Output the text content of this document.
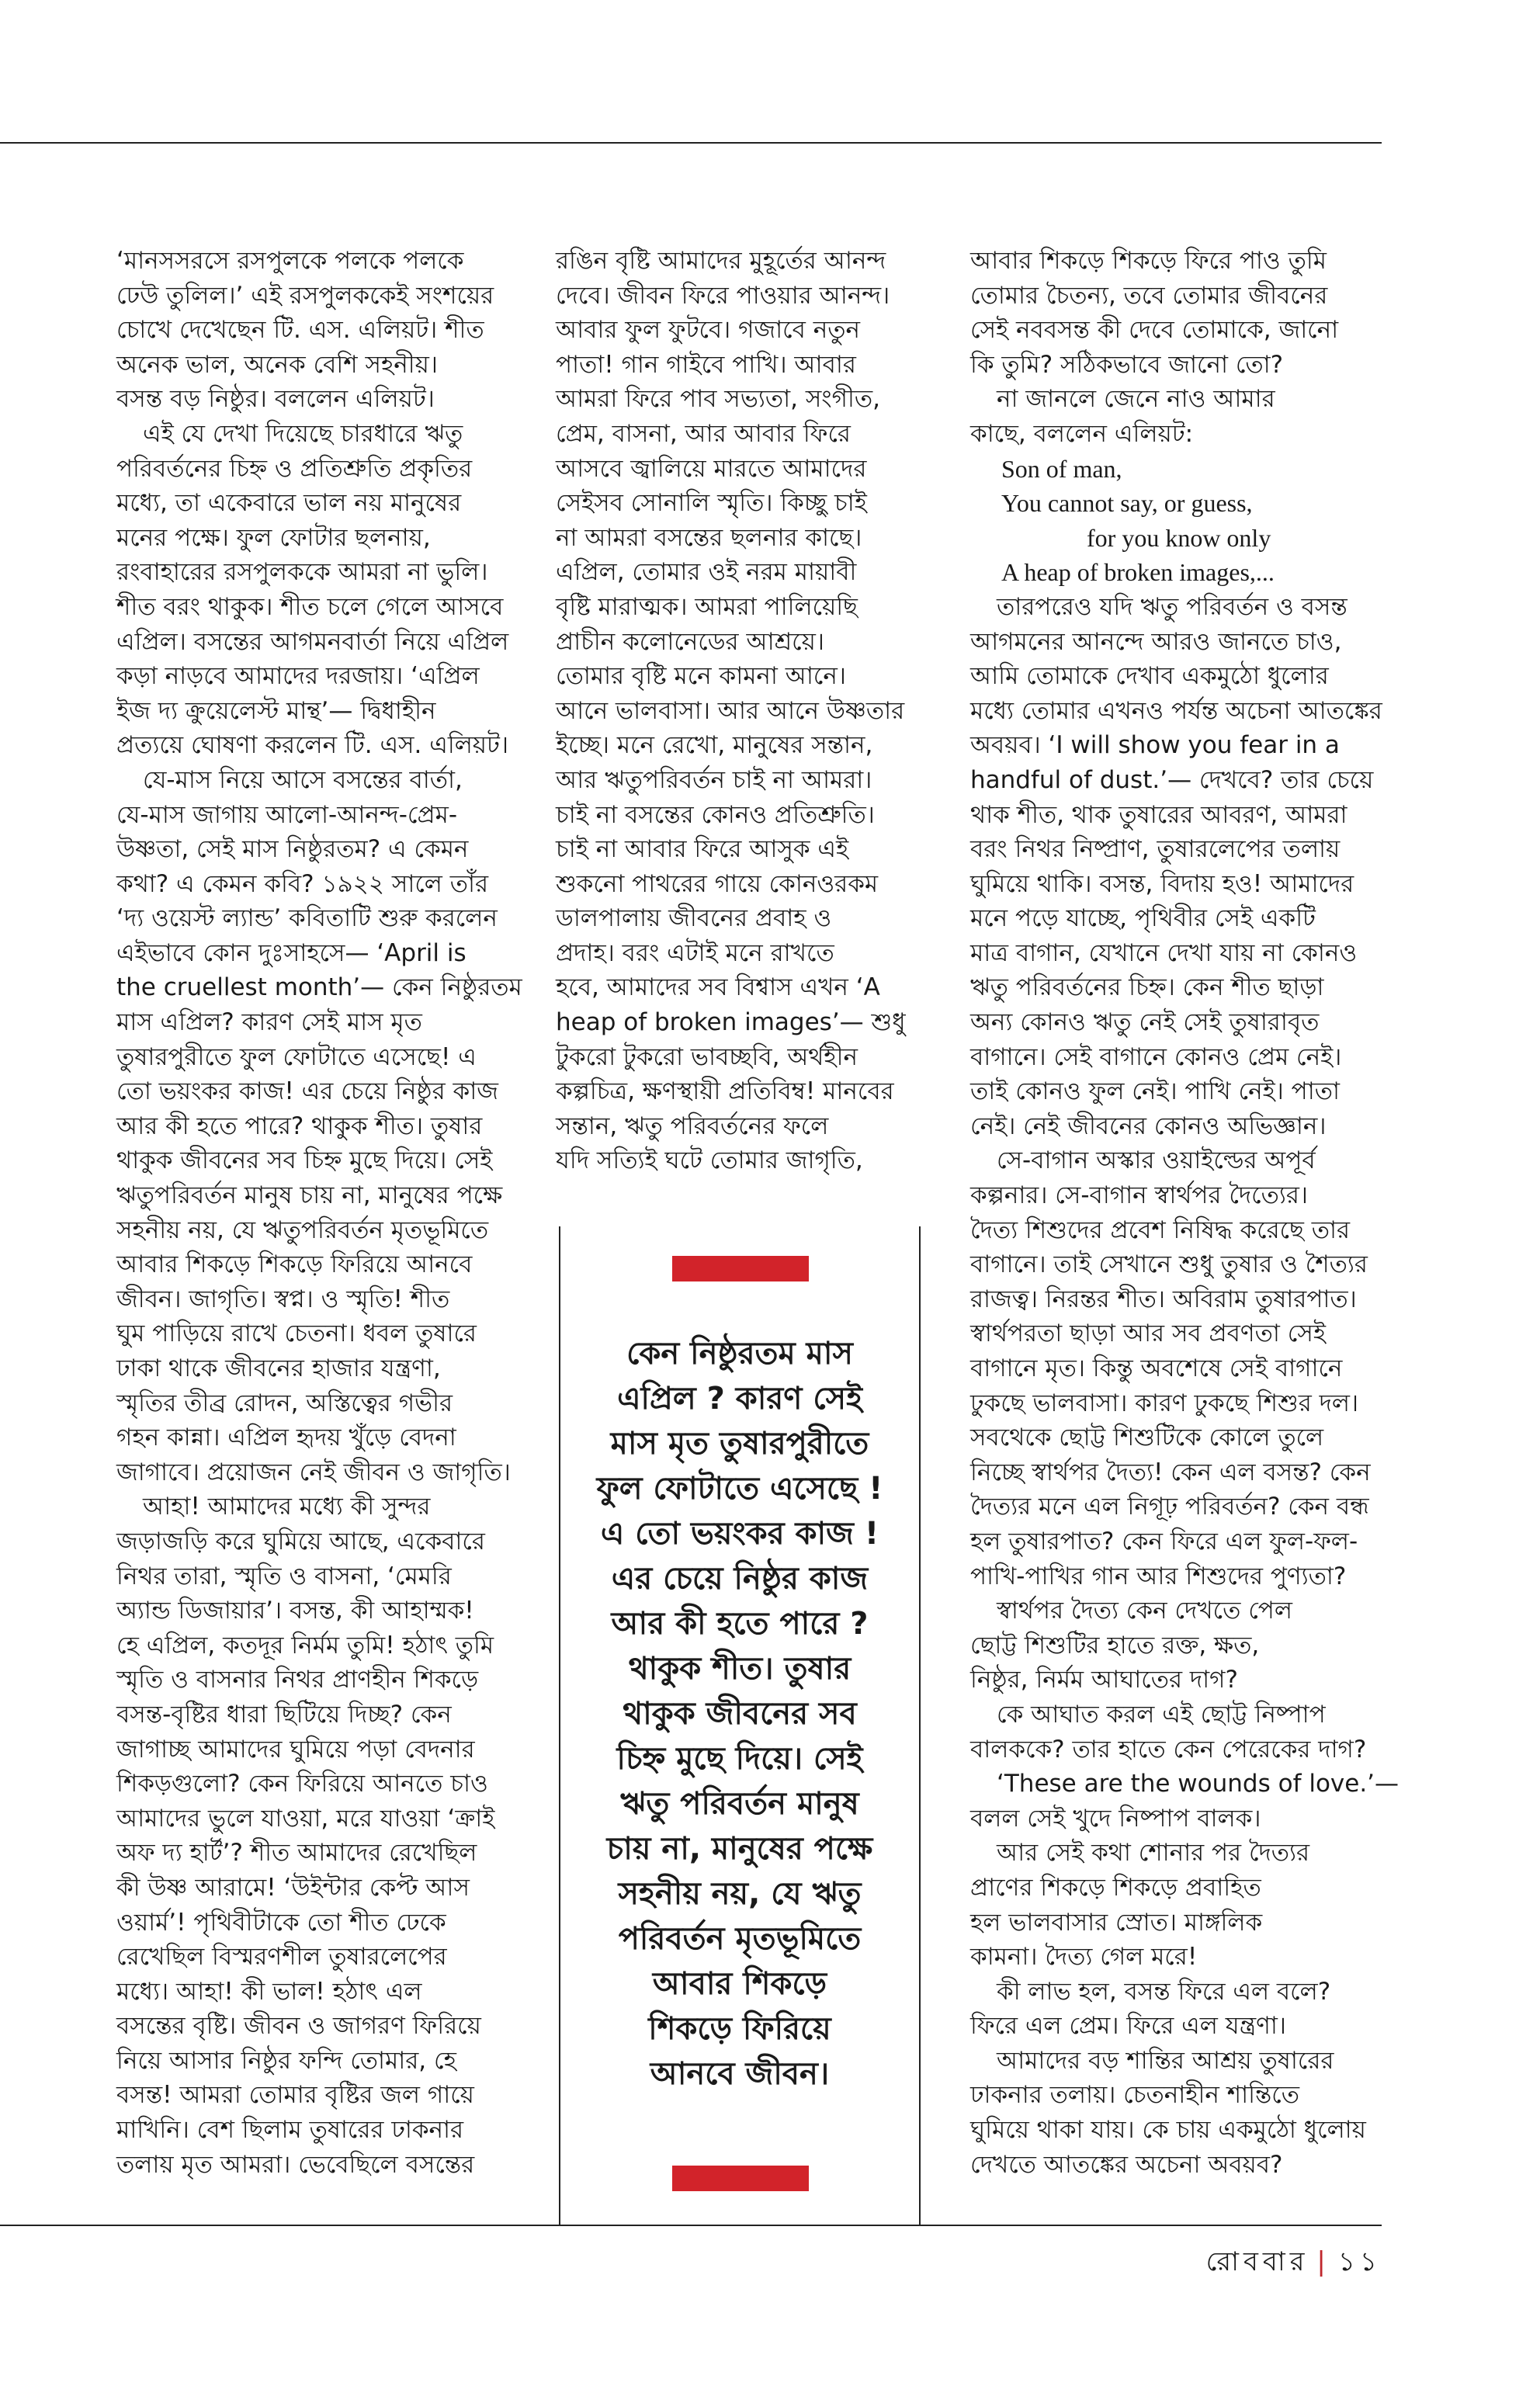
‘মানসসরসে রসপুলকে পলকে পলকে
ঢেউ তুলিল।’ এই রসপুলককেই সংশয়ের
চোখে দেখেছেন টি. এস. এলিয়ট। শীত
অনেক ভাল, অনেক বেশি সহনীয়।
বসন্ত বড় নিষ্ঠুর। বললেন এলিয়ট।
এই যে দেখা দিয়েছে চারধারে ঋতু
পরিবর্তনের চিহ্ন ও প্রতিশ্রুতি প্রকৃতির
মধ্যে, তা একেবারে ভাল নয় মানুষের
মনের পক্ষে। ফুল ফোটার ছলনায়,
রংবাহারের রসপুলককে আমরা না ভুলি।
শীত বরং থাকুক। শীত চলে গেলে আসবে
এপ্রিল। বসন্তের আগমনবার্তা নিয়ে এপ্রিল
কড়া নাড়বে আমাদের দরজায়। ‘এপ্রিল
ইজ দ্য ক্রুয়েলেস্ট মান্থ’— দ্বিধাহীন
প্রত্যয়ে ঘোষণা করলেন টি. এস. এলিয়ট।
যে-মাস নিয়ে আসে বসন্তের বার্তা,
যে-মাস জাগায় আলো-আনন্দ-প্রেম-
উষ্ণতা, সেই মাস নিষ্ঠুরতম? এ কেমন
কথা? এ কেমন কবি? ১৯২২ সালে তাঁর
‘দ্য ওয়েস্ট ল্যান্ড’ কবিতাটি শুরু করলেন
এইভাবে কোন দুঃসাহসে— ‘April is
the cruellest month’— কেন নিষ্ঠুরতম
মাস এপ্রিল? কারণ সেই মাস মৃত
তুষারপুরীতে ফুল ফোটাতে এসেছে! এ
তো ভয়ংকর কাজ! এর চেয়ে নিষ্ঠুর কাজ
আর কী হতে পারে? থাকুক শীত। তুষার
থাকুক জীবনের সব চিহ্ন মুছে দিয়ে। সেই
ঋতুপরিবর্তন মানুষ চায় না, মানুষের পক্ষে
সহনীয় নয়, যে ঋতুপরিবর্তন মৃতভূমিতে
আবার শিকড়ে শিকড়ে ফিরিয়ে আনবে
জীবন। জাগৃতি। স্বপ্ন। ও স্মৃতি! শীত
ঘুম পাড়িয়ে রাখে চেতনা। ধবল তুষারে
ঢাকা থাকে জীবনের হাজার যন্ত্রণা,
স্মৃতির তীব্র রোদন, অস্তিত্বের গভীর
গহন কান্না। এপ্রিল হৃদয় খুঁড়ে বেদনা
জাগাবে। প্রয়োজন নেই জীবন ও জাগৃতি।
আহা! আমাদের মধ্যে কী সুন্দর
জড়াজড়ি করে ঘুমিয়ে আছে, একেবারে
নিথর তারা, স্মৃতি ও বাসনা, ‘মেমরি
অ্যান্ড ডিজায়ার’। বসন্ত, কী আহাম্মক!
হে এপ্রিল, কতদূর নির্মম তুমি! হঠাৎ তুমি
স্মৃতি ও বাসনার নিথর প্রাণহীন শিকড়ে
বসন্ত-বৃষ্টির ধারা ছিটিয়ে দিচ্ছ? কেন
জাগাচ্ছ আমাদের ঘুমিয়ে পড়া বেদনার
শিকড়গুলো? কেন ফিরিয়ে আনতে চাও
আমাদের ভুলে যাওয়া, মরে যাওয়া ‘ক্রাই
অফ দ্য হার্ট’? শীত আমাদের রেখেছিল
কী উষ্ণ আরামে! ‘উইন্টার কেপ্ট আস
ওয়ার্ম’! পৃথিবীটাকে তো শীত ঢেকে
রেখেছিল বিস্মরণশীল তুষারলেপের
মধ্যে। আহা! কী ভাল! হঠাৎ এল
বসন্তের বৃষ্টি। জীবন ও জাগরণ ফিরিয়ে
নিয়ে আসার নিষ্ঠুর ফন্দি তোমার, হে
বসন্ত! আমরা তোমার বৃষ্টির জল গায়ে
মাখিনি। বেশ ছিলাম তুষারের ঢাকনার
তলায় মৃত আমরা। ভেবেছিলে বসন্তের
রঙিন বৃষ্টি আমাদের মুহূর্তের আনন্দ
দেবে। জীবন ফিরে পাওয়ার আনন্দ।
আবার ফুল ফুটবে। গজাবে নতুন
পাতা! গান গাইবে পাখি। আবার
আমরা ফিরে পাব সভ্যতা, সংগীত,
প্রেম, বাসনা, আর আবার ফিরে
আসবে জ্বালিয়ে মারতে আমাদের
সেইসব সোনালি স্মৃতি। কিচ্ছু চাই
না আমরা বসন্তের ছলনার কাছে।
এপ্রিল, তোমার ওই নরম মায়াবী
বৃষ্টি মারাত্মক। আমরা পালিয়েছি
প্রাচীন কলোনেডের আশ্রয়ে।
তোমার বৃষ্টি মনে কামনা আনে।
আনে ভালবাসা। আর আনে উষ্ণতার
ইচ্ছে। মনে রেখো, মানুষের সন্তান,
আর ঋতুপরিবর্তন চাই না আমরা।
চাই না বসন্তের কোনও প্রতিশ্রুতি।
চাই না আবার ফিরে আসুক এই
শুকনো পাথরের গায়ে কোনওরকম
ডালপালায় জীবনের প্রবাহ ও
প্রদাহ। বরং এটাই মনে রাখতে
হবে, আমাদের সব বিশ্বাস এখন ‘A
heap of broken images’— শুধু
টুকরো টুকরো ভাবচ্ছবি, অর্থহীন
কল্পচিত্র, ক্ষণস্থায়ী প্রতিবিম্ব! মানবের
সন্তান, ঋতু পরিবর্তনের ফলে
যদি সত্যিই ঘটে তোমার জাগৃতি,
আবার শিকড়ে শিকড়ে ফিরে পাও তুমি
তোমার চৈতন্য, তবে তোমার জীবনের
সেই নববসন্ত কী দেবে তোমাকে, জানো
কি তুমি? সঠিকভাবে জানো তো?
না জানলে জেনে নাও আমার
কাছে, বললেন এলিয়ট:
Son of man,
You cannot say, or guess,
for you know only
A heap of broken images,...
তারপরেও যদি ঋতু পরিবর্তন ও বসন্ত
আগমনের আনন্দে আরও জানতে চাও,
আমি তোমাকে দেখাব একমুঠো ধুলোর
মধ্যে তোমার এখনও পর্যন্ত অচেনা আতঙ্কের
অবয়ব। ‘I will show you fear in a
handful of dust.’— দেখবে? তার চেয়ে
থাক শীত, থাক তুষারের আবরণ, আমরা
বরং নিথর নিষ্প্রাণ, তুষারলেপের তলায়
ঘুমিয়ে থাকি। বসন্ত, বিদায় হও! আমাদের
মনে পড়ে যাচ্ছে, পৃথিবীর সেই একটি
মাত্র বাগান, যেখানে দেখা যায় না কোনও
ঋতু পরিবর্তনের চিহ্ন। কেন শীত ছাড়া
অন্য কোনও ঋতু নেই সেই তুষারাবৃত
বাগানে। সেই বাগানে কোনও প্রেম নেই।
তাই কোনও ফুল নেই। পাখি নেই। পাতা
নেই। নেই জীবনের কোনও অভিজ্ঞান।
সে-বাগান অস্কার ওয়াইল্ডের অপূর্ব
কল্পনার। সে-বাগান স্বার্থপর দৈত্যের।
দৈত্য শিশুদের প্রবেশ নিষিদ্ধ করেছে তার
বাগানে। তাই সেখানে শুধু তুষার ও শৈত্যর
রাজত্ব। নিরন্তর শীত। অবিরাম তুষারপাত।
স্বার্থপরতা ছাড়া আর সব প্রবণতা সেই
বাগানে মৃত। কিন্তু অবশেষে সেই বাগানে
ঢুকছে ভালবাসা। কারণ ঢুকছে শিশুর দল।
সবথেকে ছোট্ট শিশুটিকে কোলে তুলে
নিচ্ছে স্বার্থপর দৈত্য! কেন এল বসন্ত? কেন
দৈত্যর মনে এল নিগূঢ় পরিবর্তন? কেন বন্ধ
হল তুষারপাত? কেন ফিরে এল ফুল-ফল-
পাখি-পাখির গান আর শিশুদের পুণ্যতা?
স্বার্থপর দৈত্য কেন দেখতে পেল
ছোট্ট শিশুটির হাতে রক্ত, ক্ষত,
নিষ্ঠুর, নির্মম আঘাতের দাগ?
কে আঘাত করল এই ছোট্ট নিষ্পাপ
বালককে? তার হাতে কেন পেরেকের দাগ?
‘These are the wounds of love.’—
বলল সেই খুদে নিষ্পাপ বালক।
আর সেই কথা শোনার পর দৈত্যর
প্রাণের শিকড়ে শিকড়ে প্রবাহিত
হল ভালবাসার স্রোত। মাঙ্গলিক
কামনা। দৈত্য গেল মরে!
কী লাভ হল, বসন্ত ফিরে এল বলে?
ফিরে এল প্রেম। ফিরে এল যন্ত্রণা।
আমাদের বড় শান্তির আশ্রয় তুষারের
ঢাকনার তলায়। চেতনাহীন শান্তিতে
ঘুমিয়ে থাকা যায়। কে চায় একমুঠো ধুলোয়
দেখতে আতঙ্কের অচেনা অবয়ব?
কেন নিষ্ঠুরতম মাস
এপ্রিল ? কারণ সেই
মাস মৃত তুষারপুরীতে
ফুল ফোটাতে এসেছে !
এ তো ভয়ংকর কাজ !
এর চেয়ে নিষ্ঠুর কাজ
আর কী হতে পারে ?
থাকুক শীত। তুষার
থাকুক জীবনের সব
চিহ্ন মুছে দিয়ে। সেই
ঋতু পরিবর্তন মানুষ
চায় না, মানুষের পক্ষে
সহনীয় নয়, যে ঋতু
পরিবর্তন মৃতভূমিতে
আবার শিকড়ে
শিকড়ে ফিরিয়ে
আনবে জীবন।
রোববার | ১১
